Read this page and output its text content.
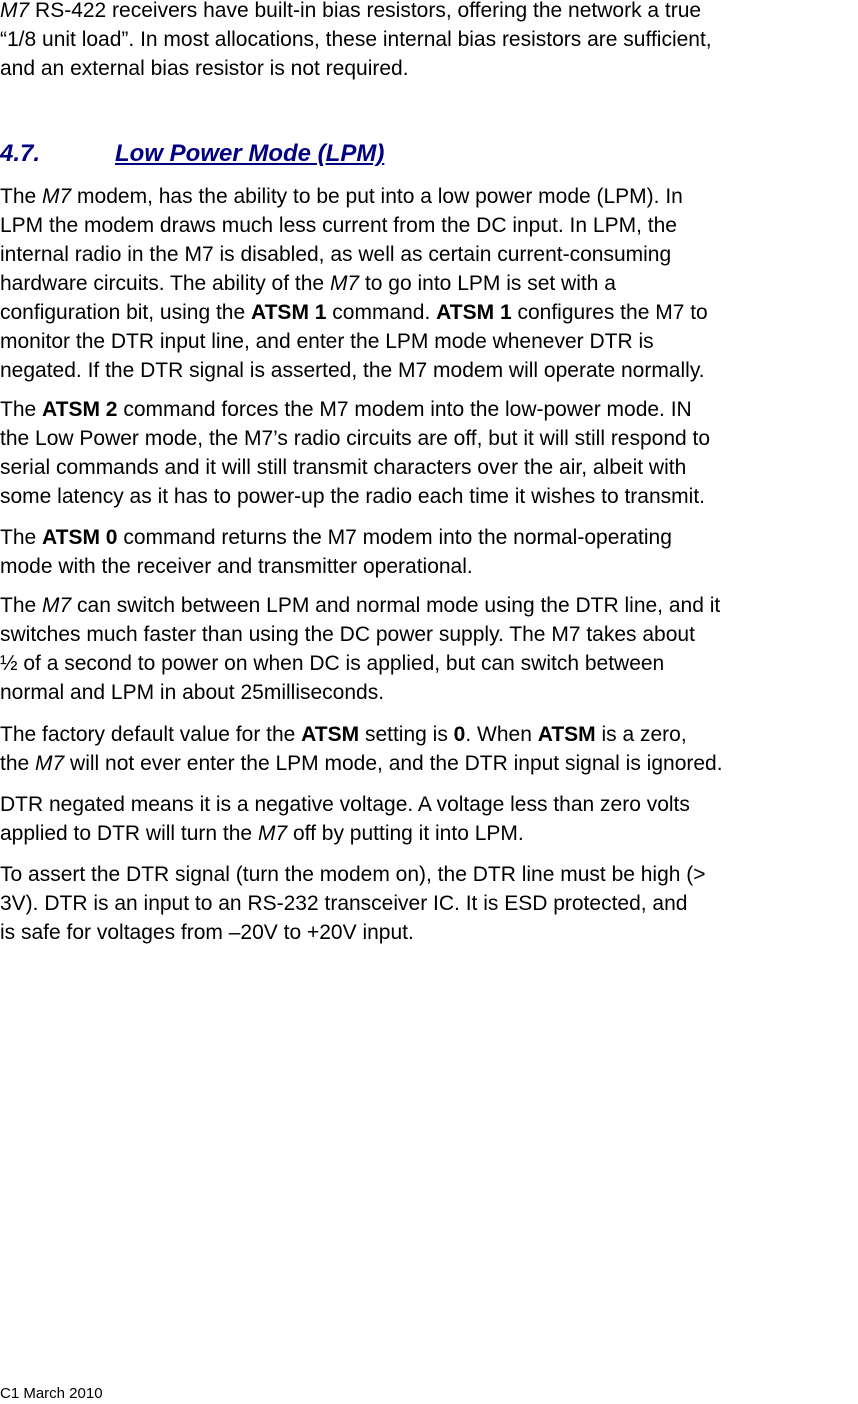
M7 RS-422 receivers have built-in bias resistors, offering the network a true
“1/8 unit load”. In most allocations, these internal bias resistors are sufficient,
and an external bias resistor is not required.

4.7.	Low Power Mode (LPM)

The M7 modem, has the ability to be put into a low power mode (LPM). In
LPM the modem draws much less current from the DC input. In LPM, the
internal radio in the M7 is disabled, as well as certain current-consuming
hardware circuits. The ability of the M7 to go into LPM is set with a
configuration bit, using the ATSM 1 command. ATSM 1 configures the M7 to
monitor the DTR input line, and enter the LPM mode whenever DTR is
negated. If the DTR signal is asserted, the M7 modem will operate normally.

The ATSM 2 command forces the M7 modem into the low-power mode. IN
the Low Power mode, the M7’s radio circuits are off, but it will still respond to
serial commands and it will still transmit characters over the air, albeit with
some latency as it has to power-up the radio each time it wishes to transmit.

The ATSM 0 command returns the M7 modem into the normal-operating
mode with the receiver and transmitter operational.

The M7 can switch between LPM and normal mode using the DTR line, and it
switches much faster than using the DC power supply. The M7 takes about
½ of a second to power on when DC is applied, but can switch between
normal and LPM in about 25milliseconds.

The factory default value for the ATSM setting is 0. When ATSM is a zero,
the M7 will not ever enter the LPM mode, and the DTR input signal is ignored.

DTR negated means it is a negative voltage. A voltage less than zero volts
applied to DTR will turn the M7 off by putting it into LPM.

To assert the DTR signal (turn the modem on), the DTR line must be high (>
3V). DTR is an input to an RS-232 transceiver IC. It is ESD protected, and
is safe for voltages from –20V to +20V input.

C1 March 2010
